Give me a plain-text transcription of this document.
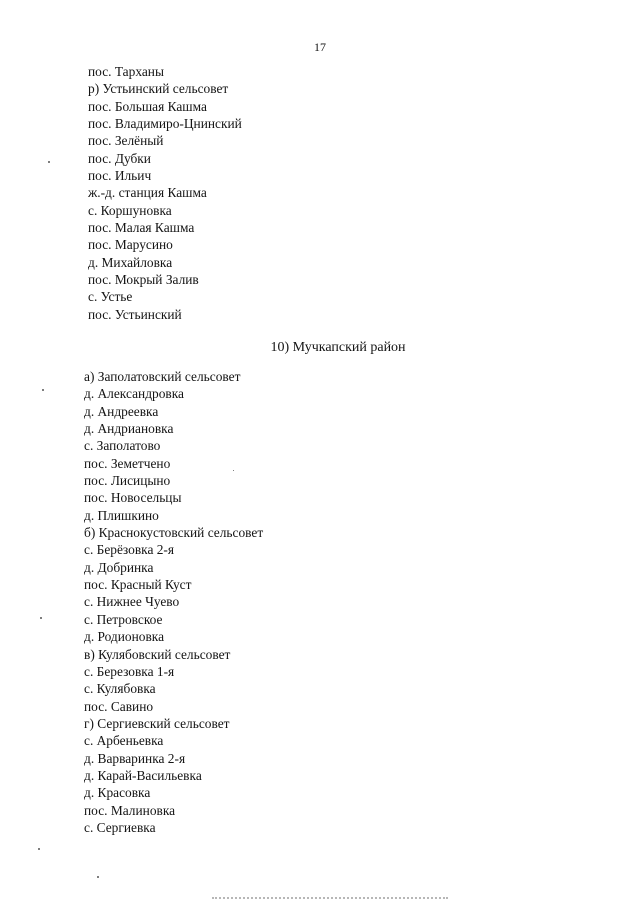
17
пос. Тарханы
р) Устьинский сельсовет
пос. Большая Кашма
пос. Владимиро-Цнинский
пос. Зелёный
пос. Дубки
пос. Ильич
ж.-д. станция Кашма
с. Коршуновка
пос. Малая Кашма
пос. Марусино
д. Михайловка
пос. Мокрый Залив
с. Устье
пос. Устьинский
10) Мучкапский район
а) Заполатовский сельсовет
д. Александровка
д. Андреевка
д. Андриановка
с. Заполатово
пос. Земетчено
пос. Лисицыно
пос. Новосельцы
д. Плишкино
б) Краснокустовский сельсовет
с. Берёзовка 2-я
д. Добринка
пос. Красный Куст
с. Нижнее Чуево
с. Петровское
д. Родионовка
в) Кулябовский сельсовет
с. Березовка 1-я
с. Кулябовка
пос. Савино
г) Сергиевский сельсовет
с. Арбеньевка
д. Варваринка 2-я
д. Карай-Васильевка
д. Красовка
пос. Малиновка
с. Сергиевка
